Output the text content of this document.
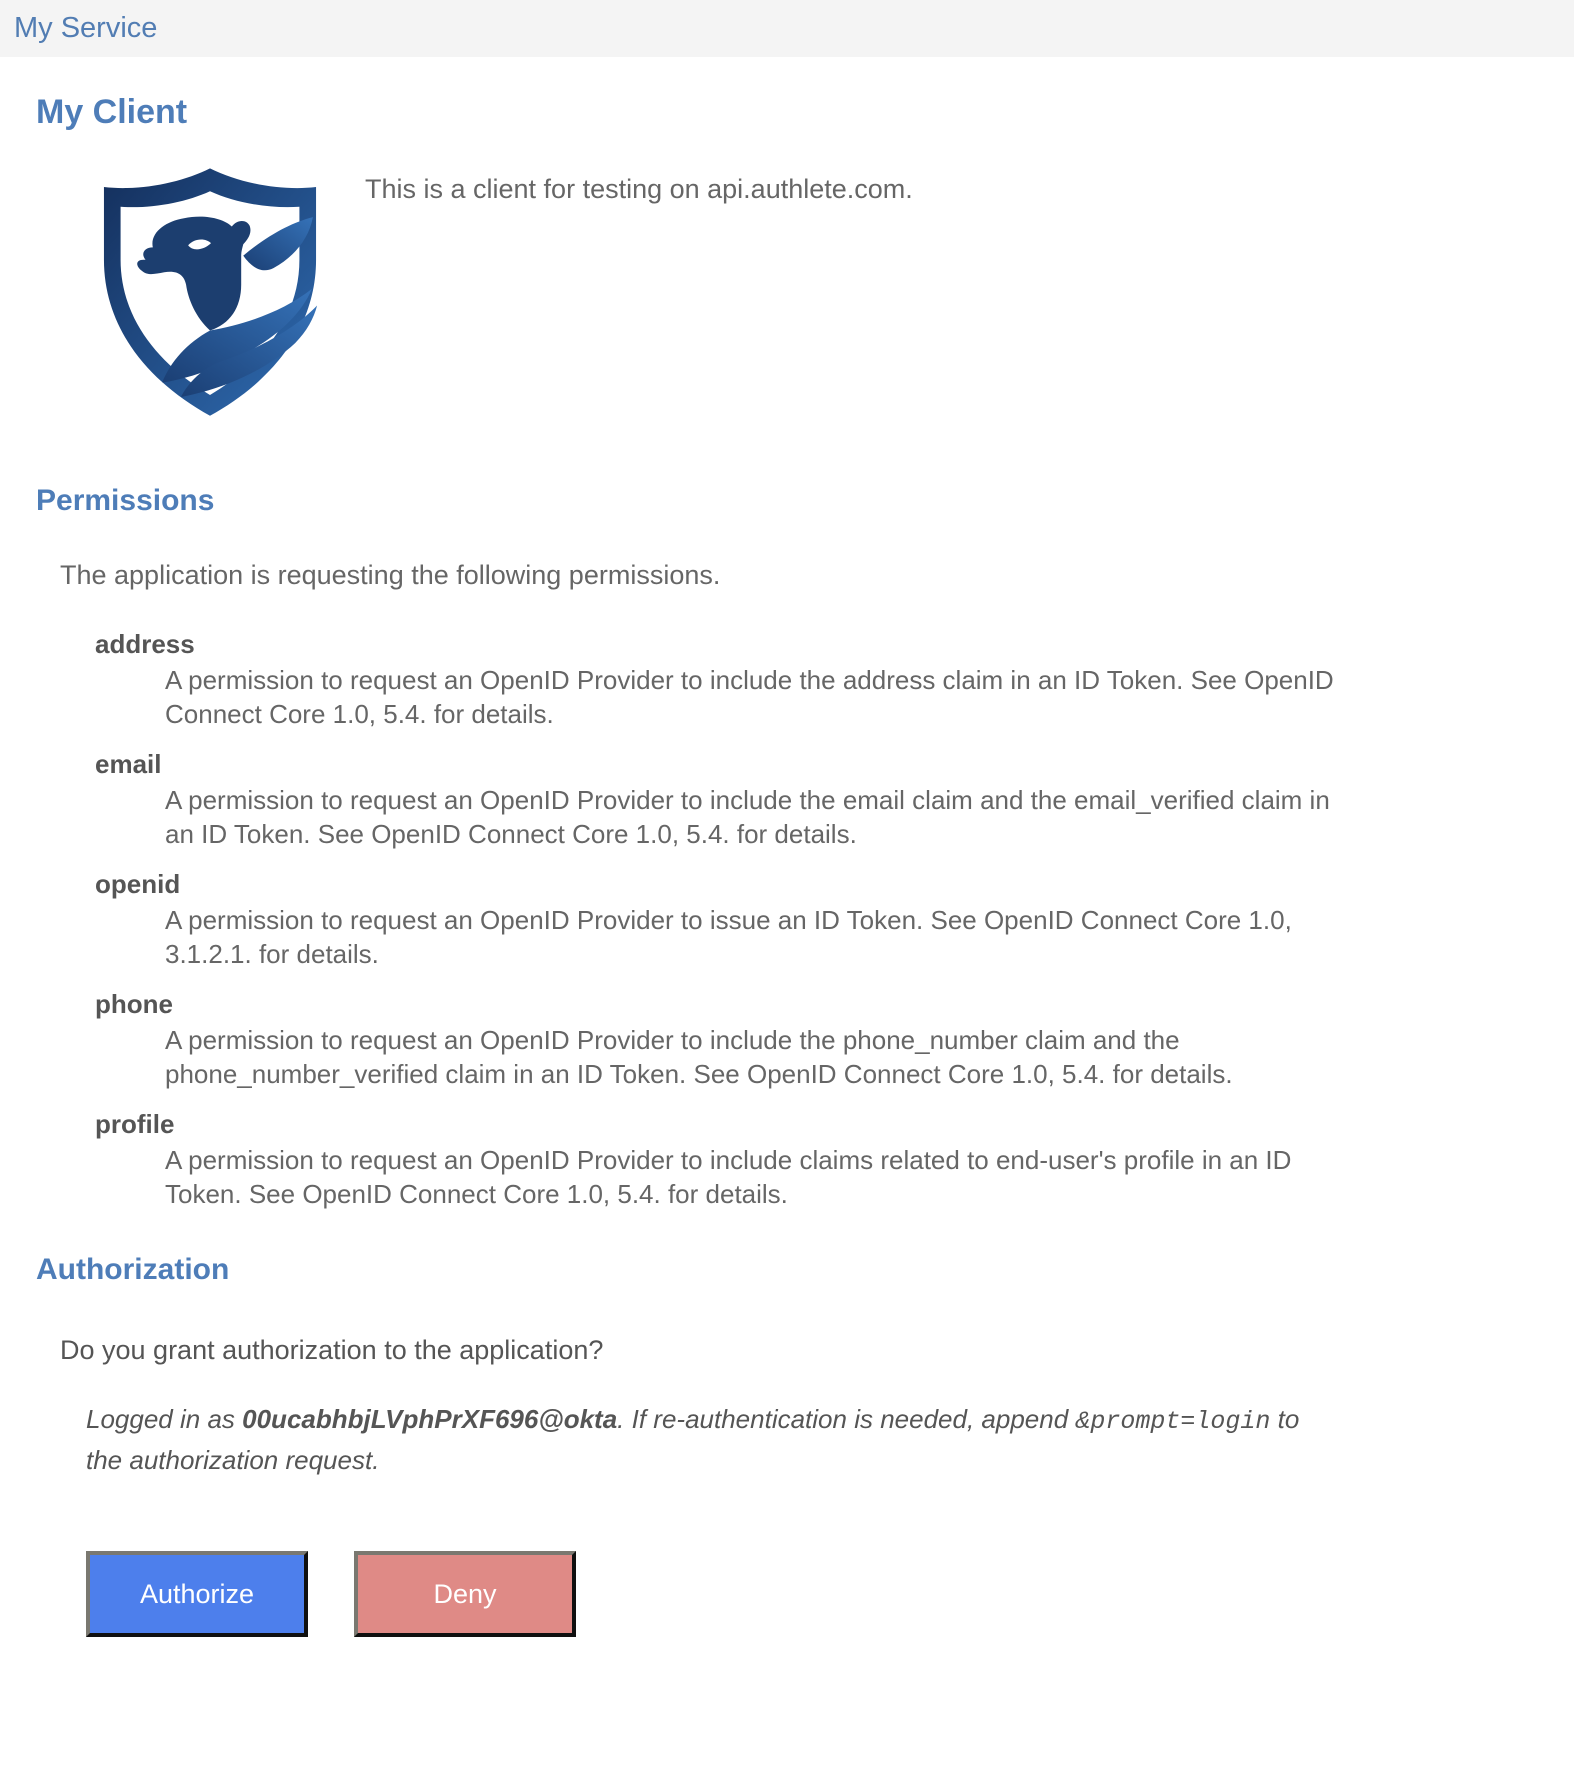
My Service
My Client

This is a client for testing on api.authlete.com.

Permissions

The application is requesting the following permissions.

address
A permission to request an OpenID Provider to include the address claim in an ID Token. See OpenID Connect Core 1.0, 5.4. for details.
email
A permission to request an OpenID Provider to include the email claim and the email_verified claim in an ID Token. See OpenID Connect Core 1.0, 5.4. for details.
openid
A permission to request an OpenID Provider to issue an ID Token. See OpenID Connect Core 1.0, 3.1.2.1. for details.
phone
A permission to request an OpenID Provider to include the phone_number claim and the phone_number_verified claim in an ID Token. See OpenID Connect Core 1.0, 5.4. for details.
profile
A permission to request an OpenID Provider to include claims related to end-user's profile in an ID Token. See OpenID Connect Core 1.0, 5.4. for details.
Authorization

Do you grant authorization to the application?

Logged in as 00ucabhbjLVphPrXF696@okta. If re-authentication is needed, append &prompt=login to the authorization request.

Authorize	Deny
